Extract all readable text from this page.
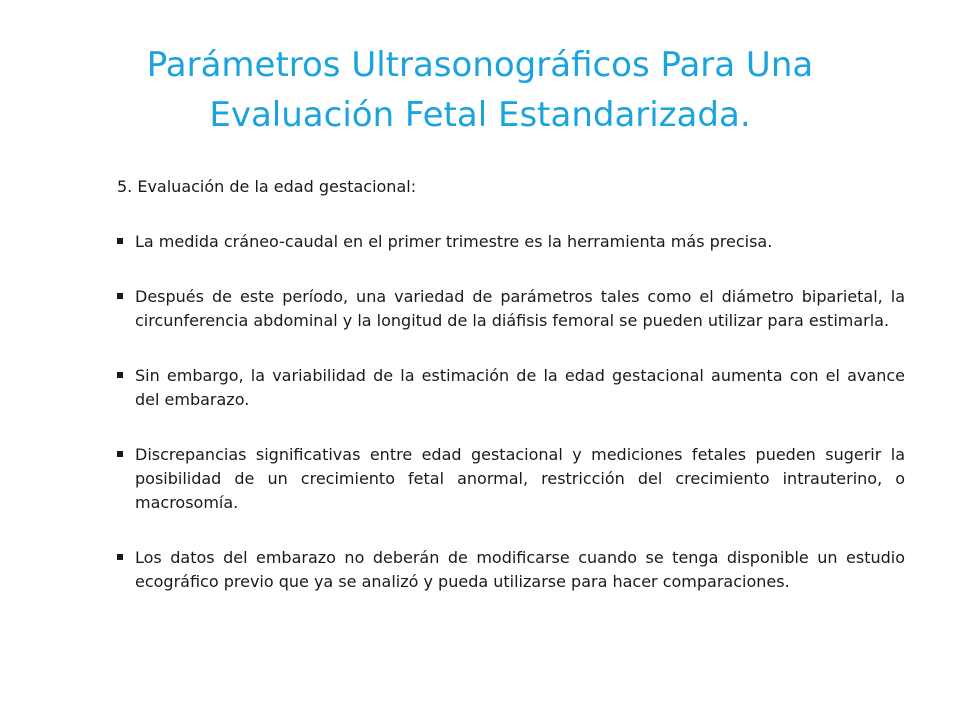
Parámetros Ultrasonográficos Para Una Evaluación Fetal Estandarizada.

5. Evaluación de la edad gestacional:

La medida cráneo-caudal en el primer trimestre es la herramienta más precisa.
Después de este período, una variedad de parámetros tales como el diámetro biparietal, la circunferencia abdominal y la longitud de la diáfisis femoral se pueden utilizar para estimarla.
Sin embargo, la variabilidad de la estimación de la edad gestacional aumenta con el avance del embarazo.
Discrepancias significativas entre edad gestacional y mediciones fetales pueden sugerir la posibilidad de un crecimiento fetal anormal, restricción del crecimiento intrauterino, o macrosomía.
Los datos del embarazo no deberán de modificarse cuando se tenga disponible un estudio ecográfico previo que ya se analizó y pueda utilizarse para hacer comparaciones.
